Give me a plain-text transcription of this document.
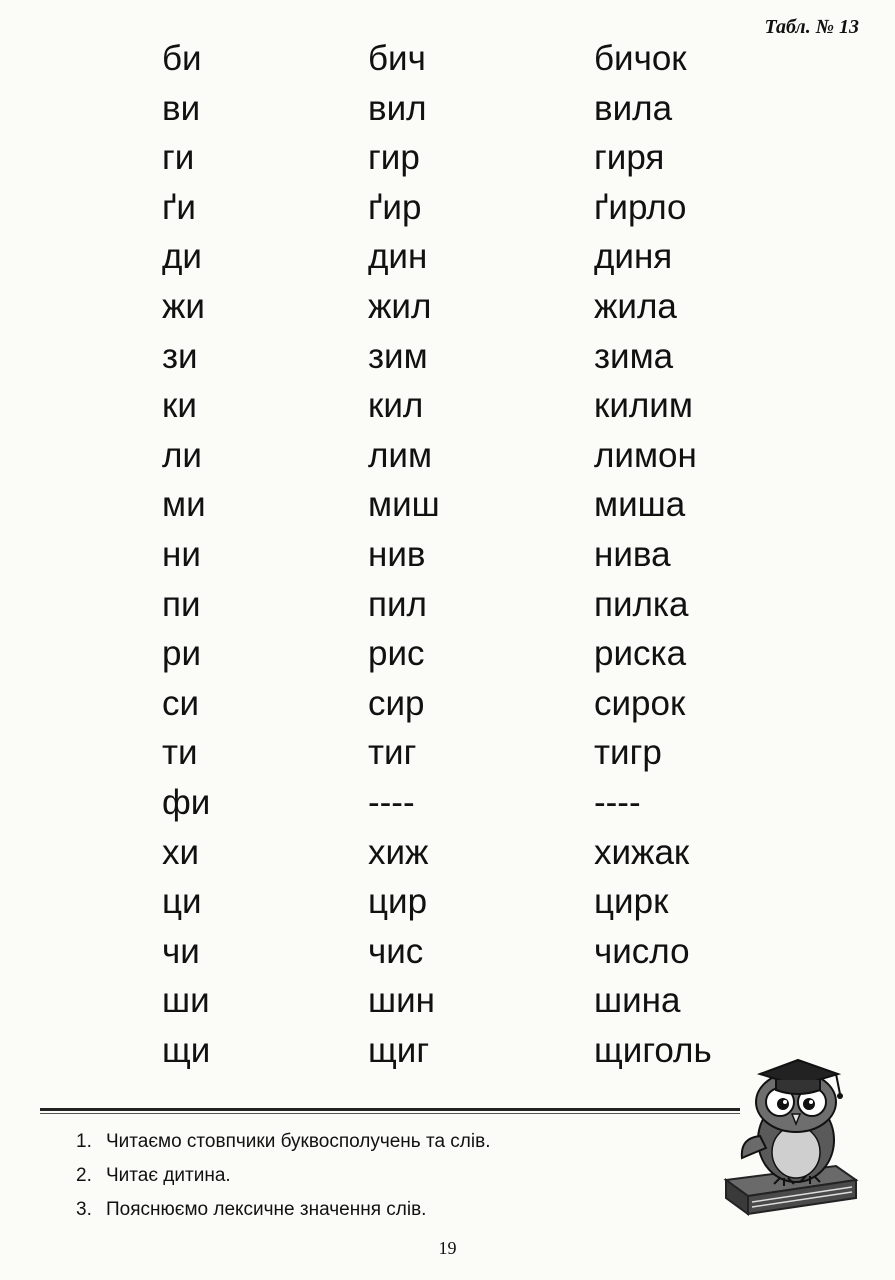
Табл. № 13
би	бич	бичок
ви	вил	вила
ги	гир	гиря
ґи	ґир	ґирло
ди	дин	диня
жи	жил	жила
зи	зим	зима
ки	кил	килим
ли	лим	лимон
ми	миш	миша
ни	нив	нива
пи	пил	пилка
ри	рис	риска
си	сир	сирок
ти	тиг	тигр
фи	----	----
хи	хиж	хижак
ци	цир	цирк
чи	чис	число
ши	шин	шина
щи	щиг	щиголь
1. Читаємо стовпчики буквосполучень та слів.
2. Читає дитина.
3. Пояснюємо лексичне значення слів.
19
